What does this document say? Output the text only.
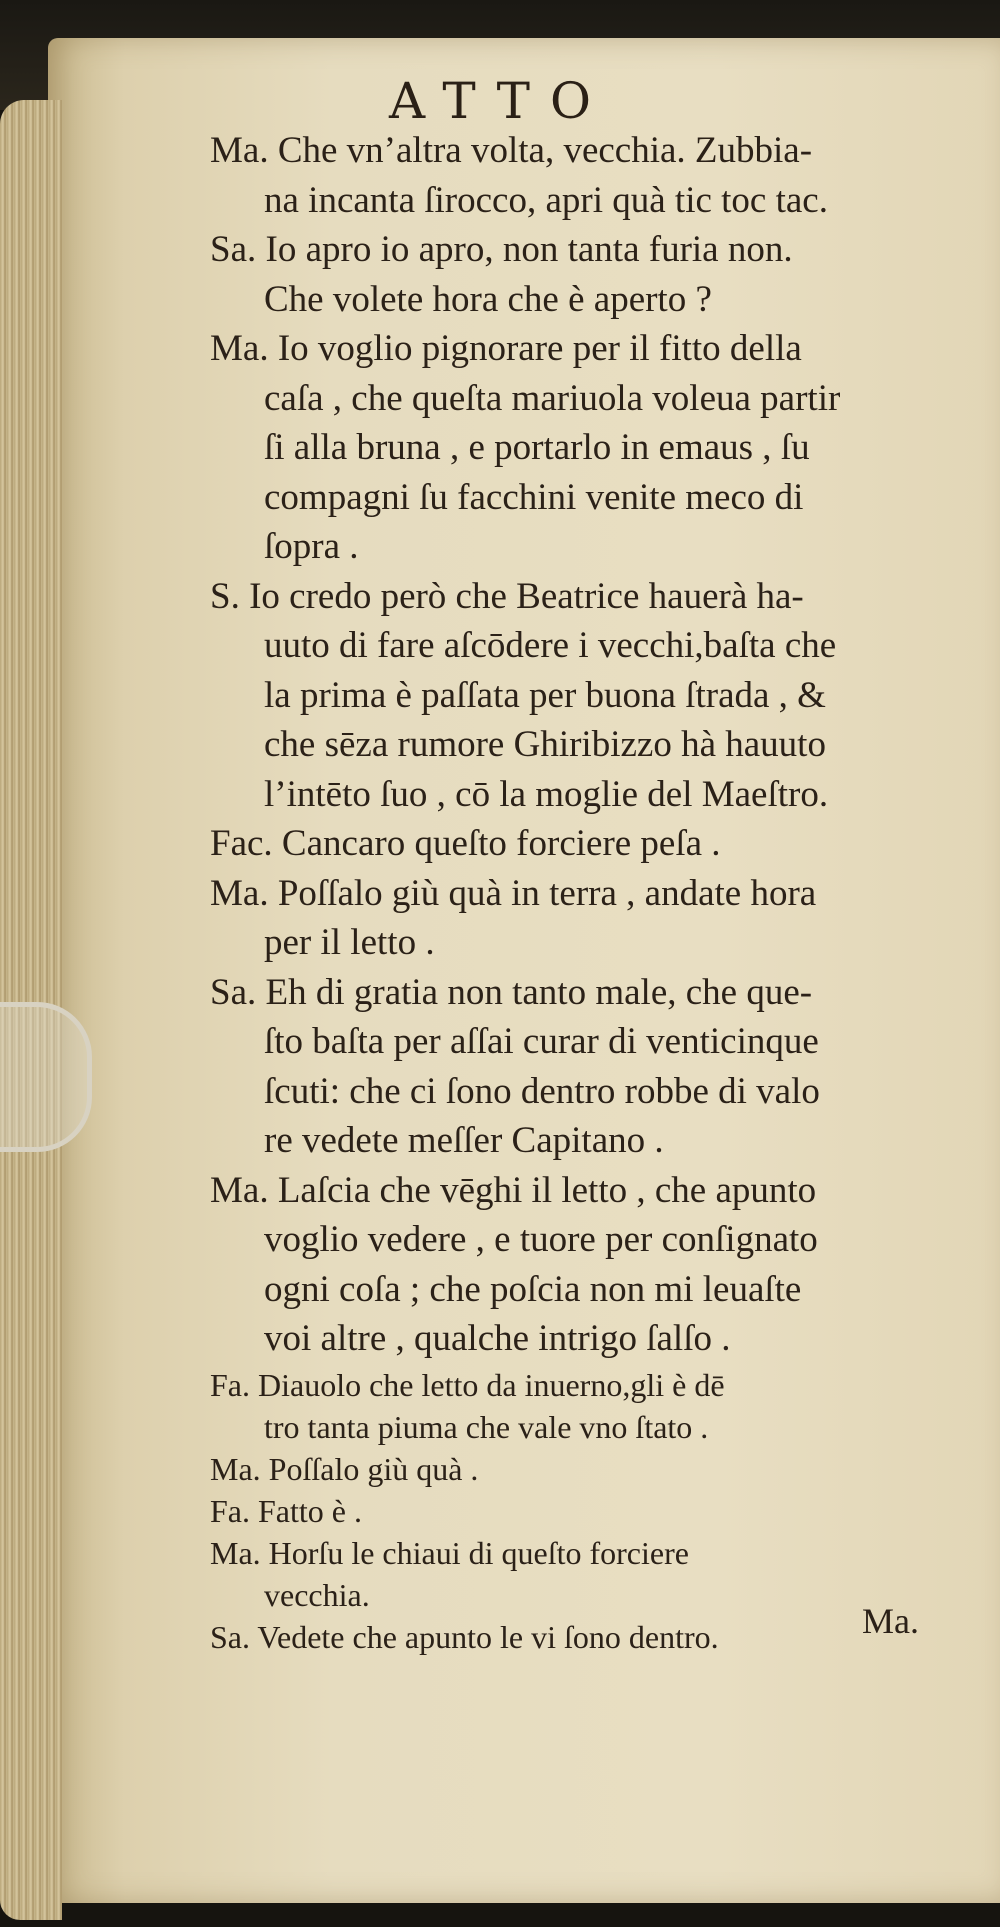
ATTO
Ma. Che vn’altra volta, vecchia. Zubbia-
na incanta ſirocco, apri quà tic toc tac.
Sa. Io apro io apro, non tanta furia non.
Che volete hora che è aperto ?
Ma. Io voglio pignorare per il fitto della
caſa , che queſta mariuola voleua partir
ſi alla bruna , e portarlo in emaus , ſu
compagni ſu facchini venite meco di
ſopra .
S. Io credo però che Beatrice hauerà ha-
uuto di fare aſcōdere i vecchi,baſta che
la prima è paſſata per buona ſtrada , &
che sēza rumore Ghiribizzo hà hauuto
l’intēto ſuo , cō la moglie del Maeſtro.
Fac. Cancaro queſto forciere peſa .
Ma. Poſſalo giù quà in terra , andate hora
per il letto .
Sa. Eh di gratia non tanto male, che que-
ſto baſta per aſſai curar di venticinque
ſcuti: che ci ſono dentro robbe di valo
re vedete meſſer Capitano .
Ma. Laſcia che vēghi il letto , che apunto
voglio vedere , e tuore per conſignato
ogni coſa ; che poſcia non mi leuaſte
voi altre , qualche intrigo ſalſo .
Fa. Diauolo che letto da inuerno,gli è dē
tro tanta piuma che vale vno ſtato .
Ma. Poſſalo giù quà .
Fa. Fatto è .
Ma. Horſu le chiaui di queſto forciere
vecchia.
Sa. Vedete che apunto le vi ſono dentro.	Ma.
